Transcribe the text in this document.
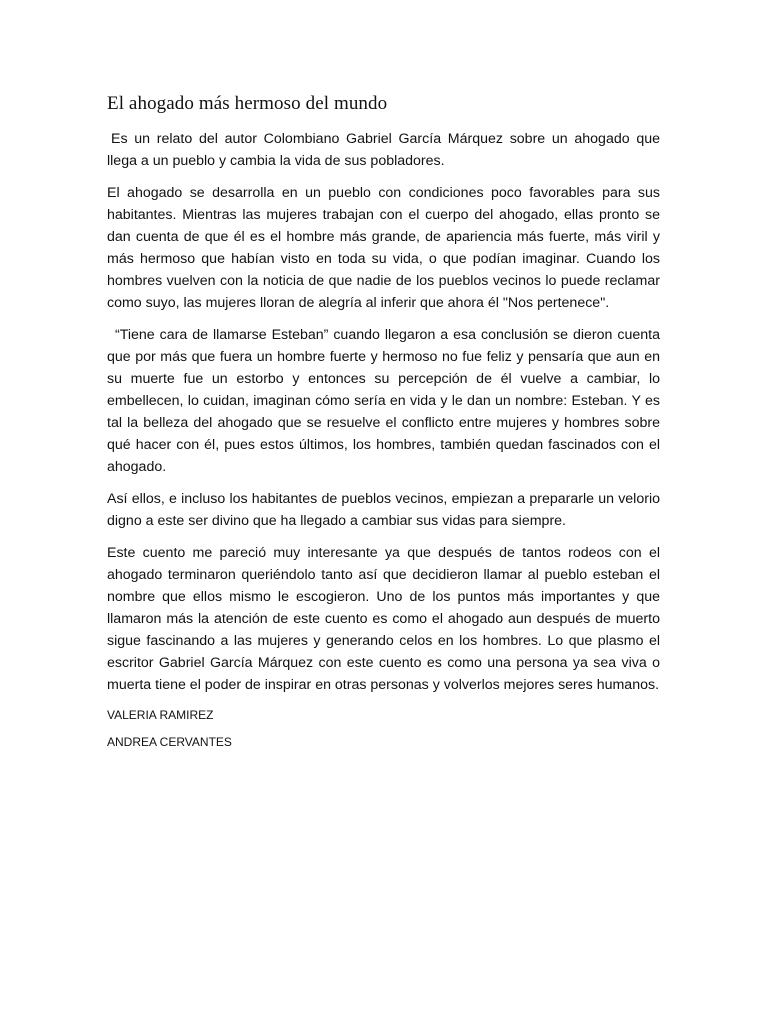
El ahogado más hermoso del mundo

Es un relato del autor Colombiano Gabriel García Márquez sobre un ahogado que llega a un pueblo y cambia la vida de sus pobladores.

El ahogado se desarrolla en un pueblo con condiciones poco favorables para sus habitantes. Mientras las mujeres trabajan con el cuerpo del ahogado, ellas pronto se dan cuenta de que él es el hombre más grande, de apariencia más fuerte, más viril y más hermoso que habían visto en toda su vida, o que podían imaginar. Cuando los hombres vuelven con la noticia de que nadie de los pueblos vecinos lo puede reclamar como suyo, las mujeres lloran de alegría al inferir que ahora él "Nos pertenece".

“Tiene cara de llamarse Esteban” cuando llegaron a esa conclusión se dieron cuenta que por más que fuera un hombre fuerte y hermoso no fue feliz y pensaría que aun en su muerte fue un estorbo y entonces su percepción de él vuelve a cambiar, lo embellecen, lo cuidan, imaginan cómo sería en vida y le dan un nombre: Esteban. Y es tal la belleza del ahogado que se resuelve el conflicto entre mujeres y hombres sobre qué hacer con él, pues estos últimos, los hombres, también quedan fascinados con el ahogado.

Así ellos, e incluso los habitantes de pueblos vecinos, empiezan a prepararle un velorio digno a este ser divino que ha llegado a cambiar sus vidas para siempre.

Este cuento me pareció muy interesante ya que después de tantos rodeos con el ahogado terminaron queriéndolo tanto así que decidieron llamar al pueblo esteban el nombre que ellos mismo le escogieron. Uno de los puntos más importantes y que llamaron más la atención de este cuento es como el ahogado aun después de muerto sigue fascinando a las mujeres y generando celos en los hombres. Lo que plasmo el escritor Gabriel García Márquez con este cuento es como una persona ya sea viva o muerta tiene el poder de inspirar en otras personas y volverlos mejores seres humanos.

VALERIA RAMIREZ

ANDREA CERVANTES
